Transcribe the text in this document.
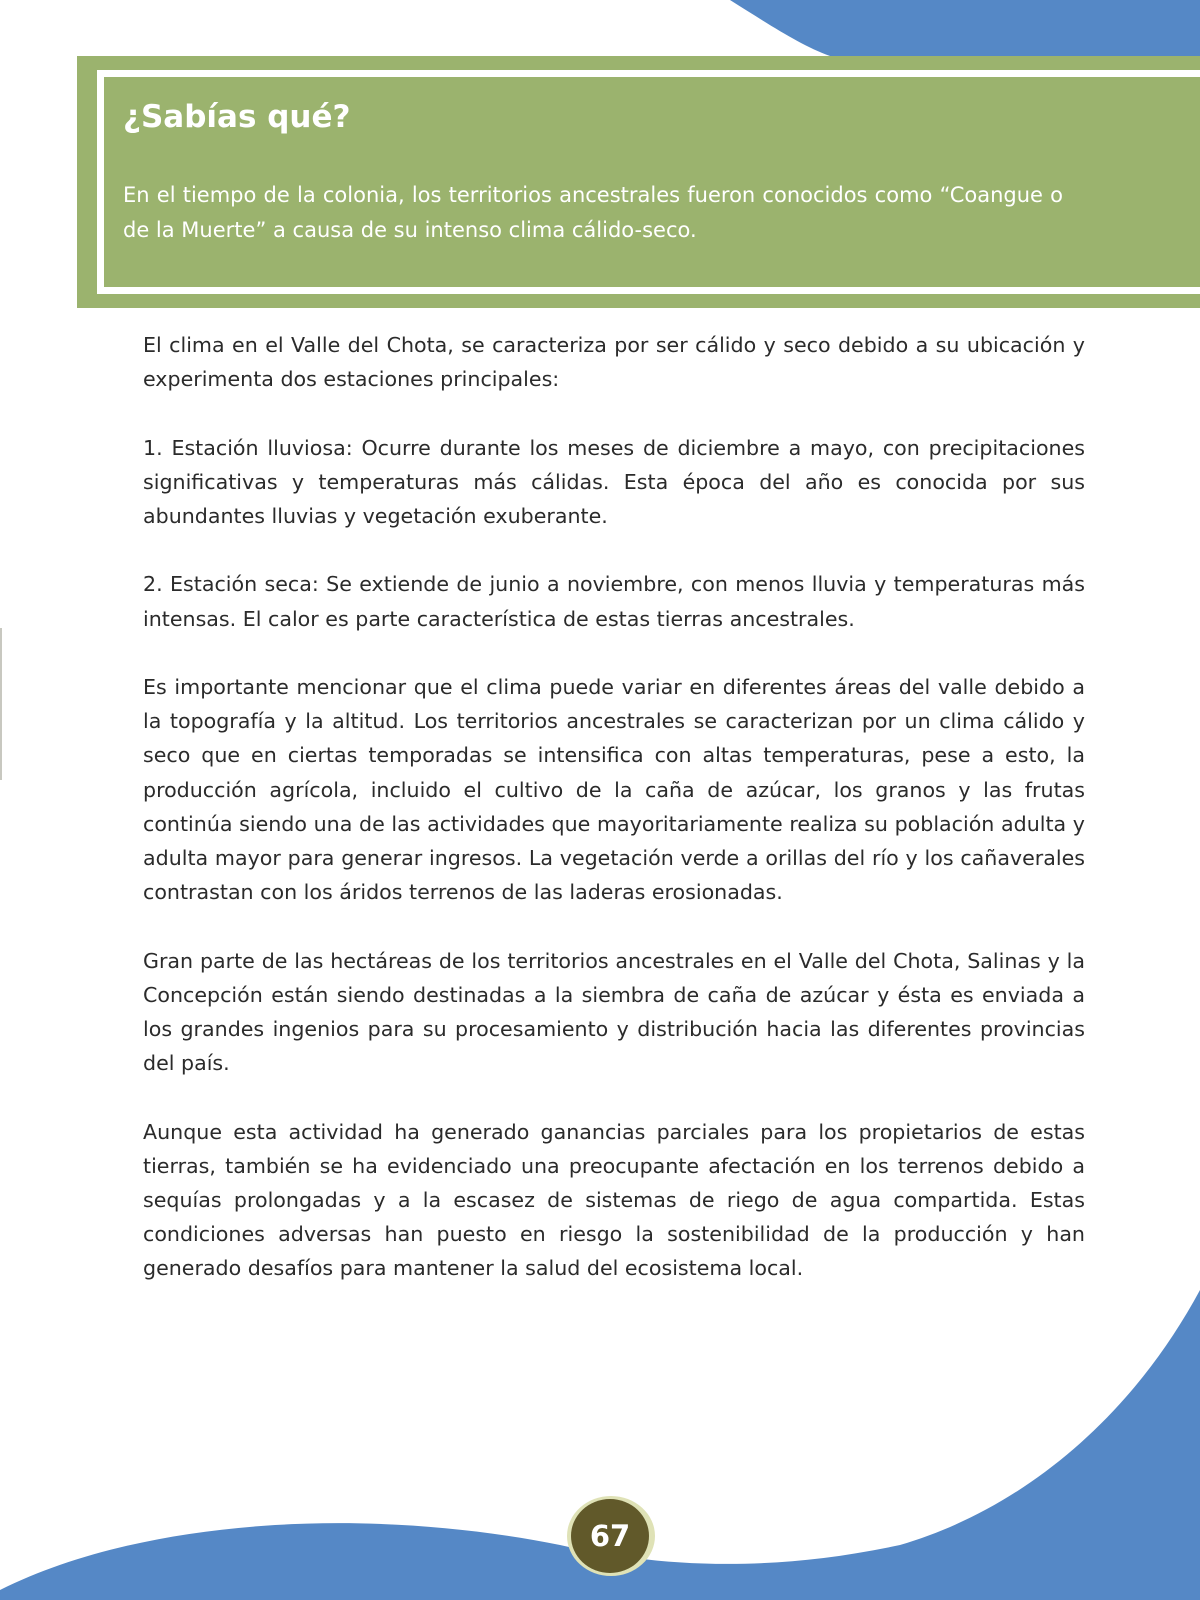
¿Sabías qué?

En el tiempo de la colonia, los territorios ancestrales fueron conocidos como “Coangue o de la Muerte” a causa de su intenso clima cálido-seco.

El clima en el Valle del Chota, se caracteriza por ser cálido y seco debido a su ubicación y experimenta dos estaciones principales:

1. Estación lluviosa: Ocurre durante los meses de diciembre a mayo, con precipitaciones significativas y temperaturas más cálidas. Esta época del año es conocida por sus abundantes lluvias y vegetación exuberante.

2. Estación seca: Se extiende de junio a noviembre, con menos lluvia y temperaturas más intensas. El calor es parte característica de estas tierras ancestrales.

Es importante mencionar que el clima puede variar en diferentes áreas del valle debido a la topografía y la altitud. Los territorios ancestrales se caracterizan por un clima cálido y seco que en ciertas temporadas se intensifica con altas temperaturas, pese a esto, la producción agrícola, incluido el cultivo de la caña de azúcar, los granos y las frutas continúa siendo una de las actividades que mayoritariamente realiza su población adulta y adulta mayor para generar ingresos. La vegetación verde a orillas del río y los cañaverales contrastan con los áridos terrenos de las laderas erosionadas.

Gran parte de las hectáreas de los territorios ancestrales en el Valle del Chota, Salinas y la Concepción están siendo destinadas a la siembra de caña de azúcar y ésta es enviada a los grandes ingenios para su procesamiento y distribución hacia las diferentes provincias del país.

Aunque esta actividad ha generado ganancias parciales para los propietarios de estas tierras, también se ha evidenciado una preocupante afectación en los terrenos debido a sequías prolongadas y a la escasez de sistemas de riego de agua compartida. Estas condiciones adversas han puesto en riesgo la sostenibilidad de la producción y han generado desafíos para mantener la salud del ecosistema local.

67
